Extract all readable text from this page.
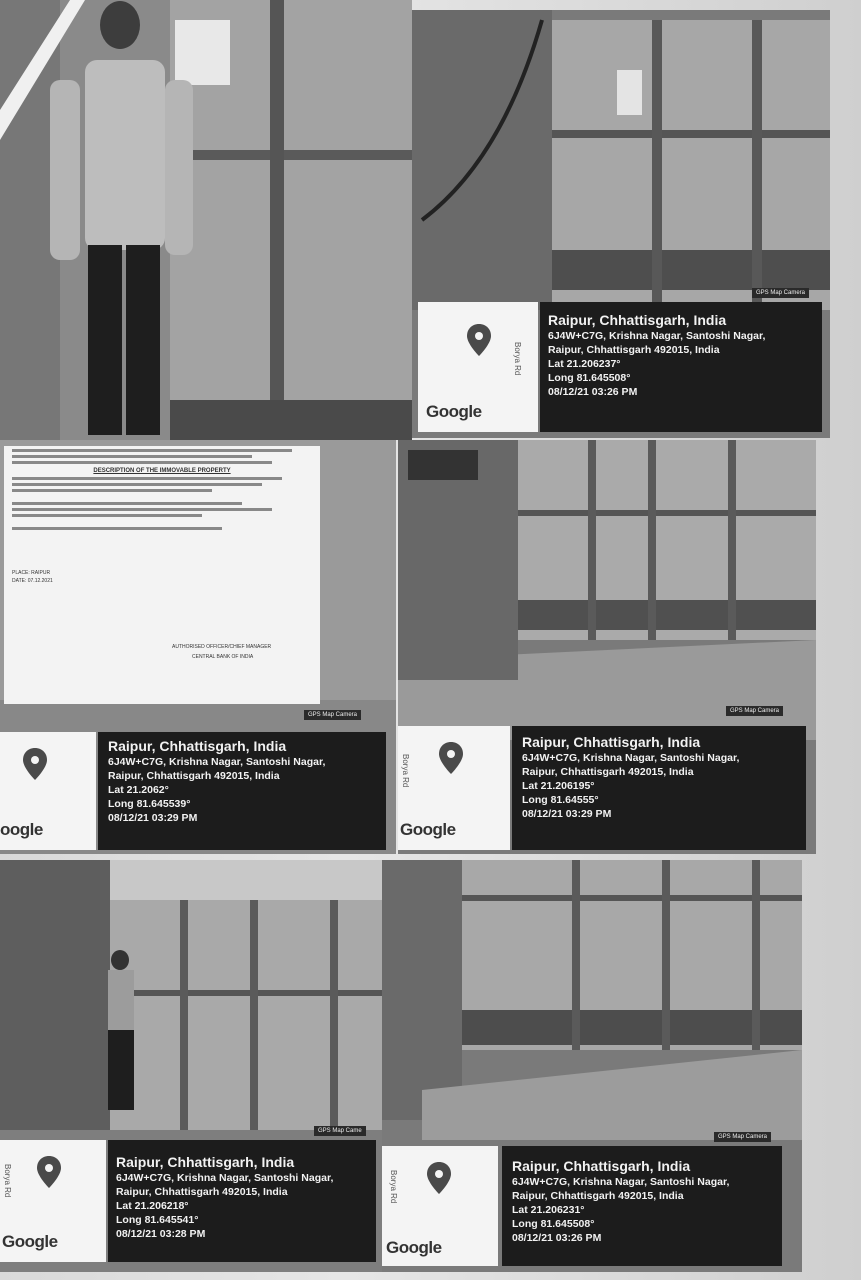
Borya Rd
Google
GPS Map Camera
Raipur, Chhattisgarh, India
6J4W+C7G, Krishna Nagar, Santoshi Nagar,
Raipur, Chhattisgarh 492015, India
Lat 21.206237°
Long 81.645508°
08/12/21 03:26 PM
DESCRIPTION OF THE IMMOVABLE PROPERTY
PLACE: RAIPUR
DATE: 07.12.2021
AUTHORISED OFFICER/CHIEF MANAGER
CENTRAL BANK OF INDIA
oogle
GPS Map Camera
Raipur, Chhattisgarh, India
6J4W+C7G, Krishna Nagar, Santoshi Nagar,
Raipur, Chhattisgarh 492015, India
Lat 21.2062°
Long 81.645539°
08/12/21 03:29 PM
Borya Rd
Google
GPS Map Camera
Raipur, Chhattisgarh, India
6J4W+C7G, Krishna Nagar, Santoshi Nagar,
Raipur, Chhattisgarh 492015, India
Lat 21.206195°
Long 81.64555°
08/12/21 03:29 PM
Borya Rd
Google
GPS Map Came
Raipur, Chhattisgarh, India
6J4W+C7G, Krishna Nagar, Santoshi Nagar,
Raipur, Chhattisgarh 492015, India
Lat 21.206218°
Long 81.645541°
08/12/21 03:28 PM
Borya Rd
Google
GPS Map Camera
Raipur, Chhattisgarh, India
6J4W+C7G, Krishna Nagar, Santoshi Nagar,
Raipur, Chhattisgarh 492015, India
Lat 21.206231°
Long 81.645508°
08/12/21 03:26 PM
